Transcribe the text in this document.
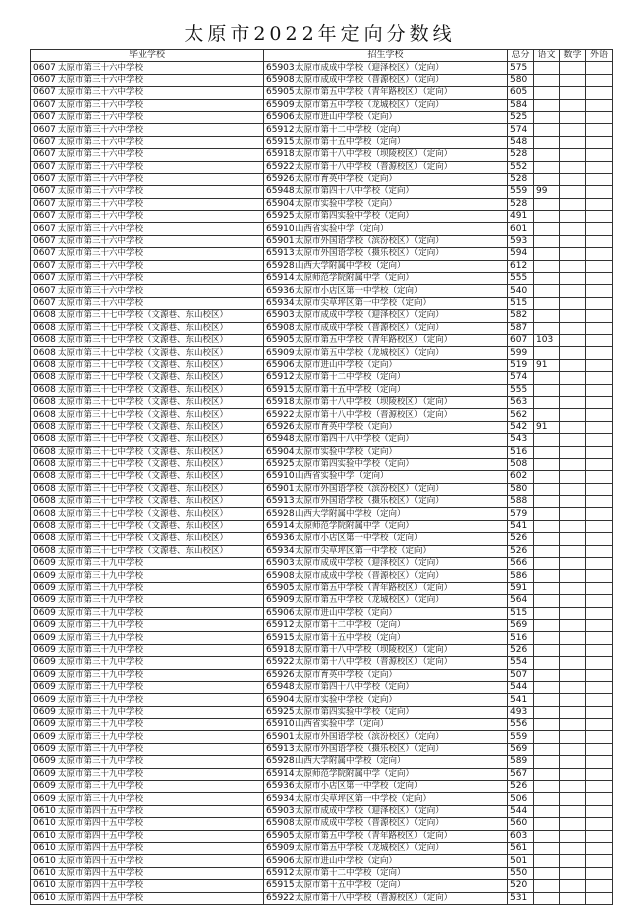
太原市2022年定向分数线
毕业学校	招生学校	总分	语文	数学	外语
0607 太原市第三十六中学校	65903太原市成成中学校（迎泽校区）（定向）	575			
0607 太原市第三十六中学校	65908太原市成成中学校（晋源校区）（定向）	580			
0607 太原市第三十六中学校	65905太原市第五中学校（青年路校区）（定向）	605			
0607 太原市第三十六中学校	65909太原市第五中学校（龙城校区）（定向）	584			
0607 太原市第三十六中学校	65906太原市进山中学校（定向）	525			
0607 太原市第三十六中学校	65912太原市第十二中学校（定向）	574			
0607 太原市第三十六中学校	65915太原市第十五中学校（定向）	548			
0607 太原市第三十六中学校	65918太原市第十八中学校（坝陵校区）（定向）	528			
0607 太原市第三十六中学校	65922太原市第十八中学校（晋源校区）（定向）	552			
0607 太原市第三十六中学校	65926太原市育英中学校（定向）	528			
0607 太原市第三十六中学校	65948太原市第四十八中学校（定向）	559	99		
0607 太原市第三十六中学校	65904太原市实验中学校（定向）	528			
0607 太原市第三十六中学校	65925太原市第四实验中学校（定向）	491			
0607 太原市第三十六中学校	65910山西省实验中学（定向）	601			
0607 太原市第三十六中学校	65901太原市外国语学校（滨汾校区）（定向）	593			
0607 太原市第三十六中学校	65913太原市外国语学校（摄乐校区）（定向）	594			
0607 太原市第三十六中学校	65928山西大学附属中学校（定向）	612			
0607 太原市第三十六中学校	65914太原师范学院附属中学（定向）	555			
0607 太原市第三十六中学校	65936太原市小店区第一中学校（定向）	540			
0607 太原市第三十六中学校	65934太原市尖草坪区第一中学校（定向）	515			
0608 太原市第三十七中学校（文源巷、东山校区）	65903太原市成成中学校（迎泽校区）（定向）	582			
0608 太原市第三十七中学校（文源巷、东山校区）	65908太原市成成中学校（晋源校区）（定向）	587			
0608 太原市第三十七中学校（文源巷、东山校区）	65905太原市第五中学校（青年路校区）（定向）	607	103		
0608 太原市第三十七中学校（文源巷、东山校区）	65909太原市第五中学校（龙城校区）（定向）	599			
0608 太原市第三十七中学校（文源巷、东山校区）	65906太原市进山中学校（定向）	519	91		
0608 太原市第三十七中学校（文源巷、东山校区）	65912太原市第十二中学校（定向）	574			
0608 太原市第三十七中学校（文源巷、东山校区）	65915太原市第十五中学校（定向）	555			
0608 太原市第三十七中学校（文源巷、东山校区）	65918太原市第十八中学校（坝陵校区）（定向）	563			
0608 太原市第三十七中学校（文源巷、东山校区）	65922太原市第十八中学校（晋源校区）（定向）	562			
0608 太原市第三十七中学校（文源巷、东山校区）	65926太原市育英中学校（定向）	542	91		
0608 太原市第三十七中学校（文源巷、东山校区）	65948太原市第四十八中学校（定向）	543			
0608 太原市第三十七中学校（文源巷、东山校区）	65904太原市实验中学校（定向）	516			
0608 太原市第三十七中学校（文源巷、东山校区）	65925太原市第四实验中学校（定向）	508			
0608 太原市第三十七中学校（文源巷、东山校区）	65910山西省实验中学（定向）	602			
0608 太原市第三十七中学校（文源巷、东山校区）	65901太原市外国语学校（滨汾校区）（定向）	580			
0608 太原市第三十七中学校（文源巷、东山校区）	65913太原市外国语学校（摄乐校区）（定向）	588			
0608 太原市第三十七中学校（文源巷、东山校区）	65928山西大学附属中学校（定向）	579			
0608 太原市第三十七中学校（文源巷、东山校区）	65914太原师范学院附属中学（定向）	541			
0608 太原市第三十七中学校（文源巷、东山校区）	65936太原市小店区第一中学校（定向）	526			
0608 太原市第三十七中学校（文源巷、东山校区）	65934太原市尖草坪区第一中学校（定向）	526			
0609 太原市第三十九中学校	65903太原市成成中学校（迎泽校区）（定向）	566			
0609 太原市第三十九中学校	65908太原市成成中学校（晋源校区）（定向）	586			
0609 太原市第三十九中学校	65905太原市第五中学校（青年路校区）（定向）	591			
0609 太原市第三十九中学校	65909太原市第五中学校（龙城校区）（定向）	564			
0609 太原市第三十九中学校	65906太原市进山中学校（定向）	515			
0609 太原市第三十九中学校	65912太原市第十二中学校（定向）	569			
0609 太原市第三十九中学校	65915太原市第十五中学校（定向）	516			
0609 太原市第三十九中学校	65918太原市第十八中学校（坝陵校区）（定向）	526			
0609 太原市第三十九中学校	65922太原市第十八中学校（晋源校区）（定向）	554			
0609 太原市第三十九中学校	65926太原市育英中学校（定向）	507			
0609 太原市第三十九中学校	65948太原市第四十八中学校（定向）	544			
0609 太原市第三十九中学校	65904太原市实验中学校（定向）	541			
0609 太原市第三十九中学校	65925太原市第四实验中学校（定向）	493			
0609 太原市第三十九中学校	65910山西省实验中学（定向）	556			
0609 太原市第三十九中学校	65901太原市外国语学校（滨汾校区）（定向）	559			
0609 太原市第三十九中学校	65913太原市外国语学校（摄乐校区）（定向）	569			
0609 太原市第三十九中学校	65928山西大学附属中学校（定向）	589			
0609 太原市第三十九中学校	65914太原师范学院附属中学（定向）	567			
0609 太原市第三十九中学校	65936太原市小店区第一中学校（定向）	526			
0609 太原市第三十九中学校	65934太原市尖草坪区第一中学校（定向）	506			
0610 太原市第四十五中学校	65903太原市成成中学校（迎泽校区）（定向）	544			
0610 太原市第四十五中学校	65908太原市成成中学校（晋源校区）（定向）	560			
0610 太原市第四十五中学校	65905太原市第五中学校（青年路校区）（定向）	603			
0610 太原市第四十五中学校	65909太原市第五中学校（龙城校区）（定向）	561			
0610 太原市第四十五中学校	65906太原市进山中学校（定向）	501			
0610 太原市第四十五中学校	65912太原市第十二中学校（定向）	550			
0610 太原市第四十五中学校	65915太原市第十五中学校（定向）	520			
0610 太原市第四十五中学校	65922太原市第十八中学校（晋源校区）（定向）	531			
